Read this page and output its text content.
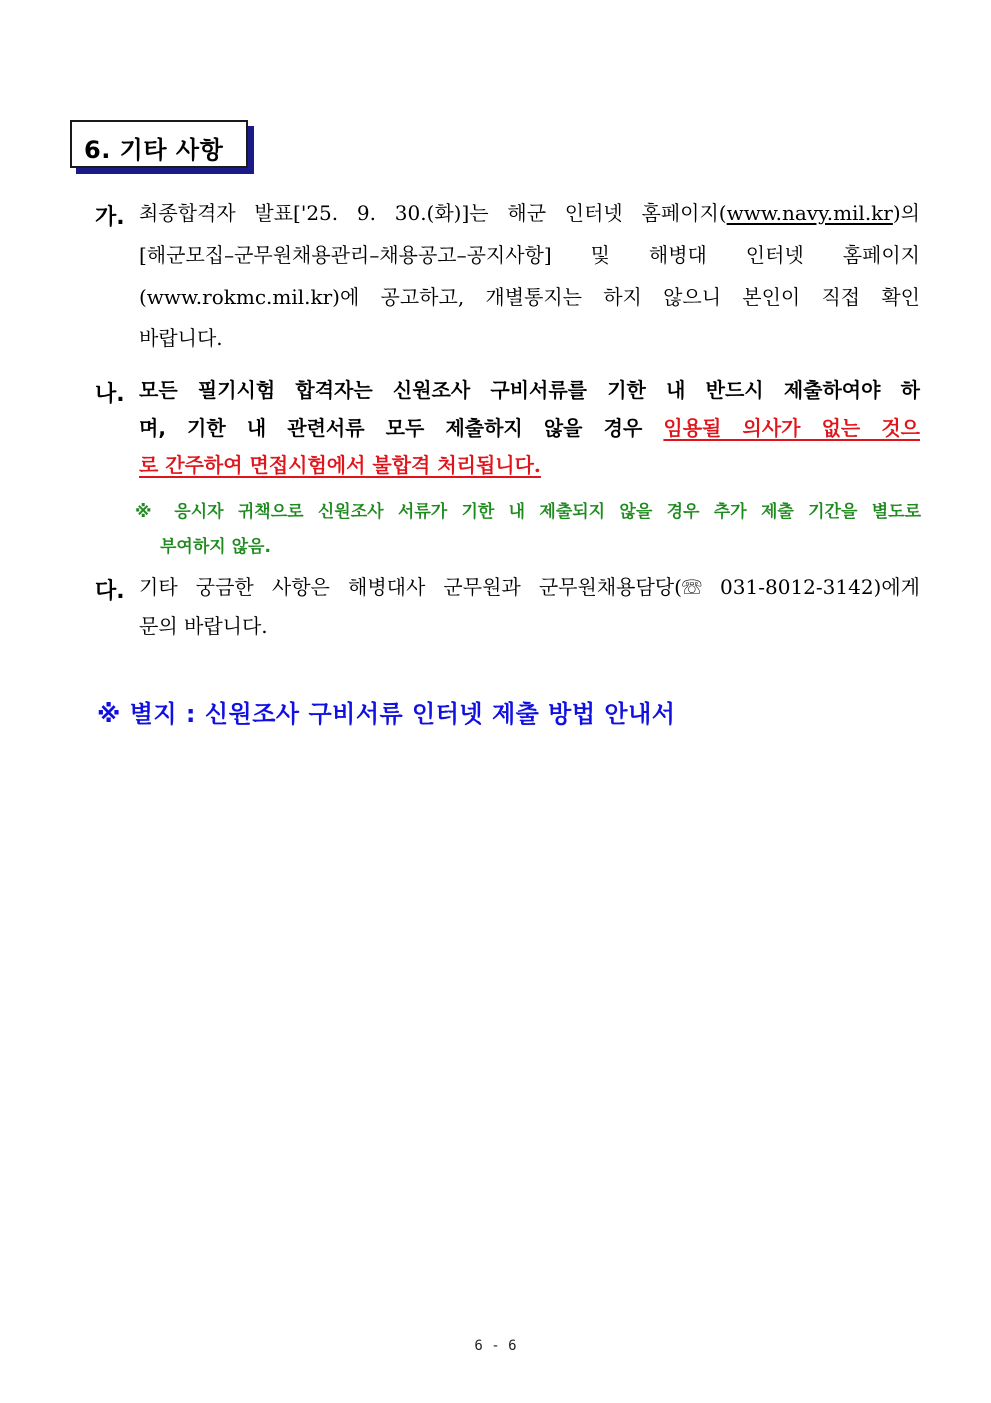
6. 기타 사항
가. 최종합격자 발표['25. 9. 30.(화)]는 해군 인터넷 홈페이지(www.navy.mil.kr)의
[해군모집–군무원채용관리–채용공고–공지사항] 및 해병대 인터넷 홈페이지
(www.rokmc.mil.kr)에 공고하고, 개별통지는 하지 않으니 본인이 직접 확인
바랍니다.
나. 모든 필기시험 합격자는 신원조사 구비서류를 기한 내 반드시 제출하여야 하
며, 기한 내 관련서류 모두 제출하지 않을 경우 임용될 의사가 없는 것으
로 간주하여 면접시험에서 불합격 처리됩니다.
※ 응시자 귀책으로 신원조사 서류가 기한 내 제출되지 않을 경우 추가 제출 기간을 별도로
부여하지 않음.
다. 기타 궁금한 사항은 해병대사 군무원과 군무원채용담당(☏ 031-8012-3142)에게
문의 바랍니다.
※ 별지 : 신원조사 구비서류 인터넷 제출 방법 안내서
6 - 6
